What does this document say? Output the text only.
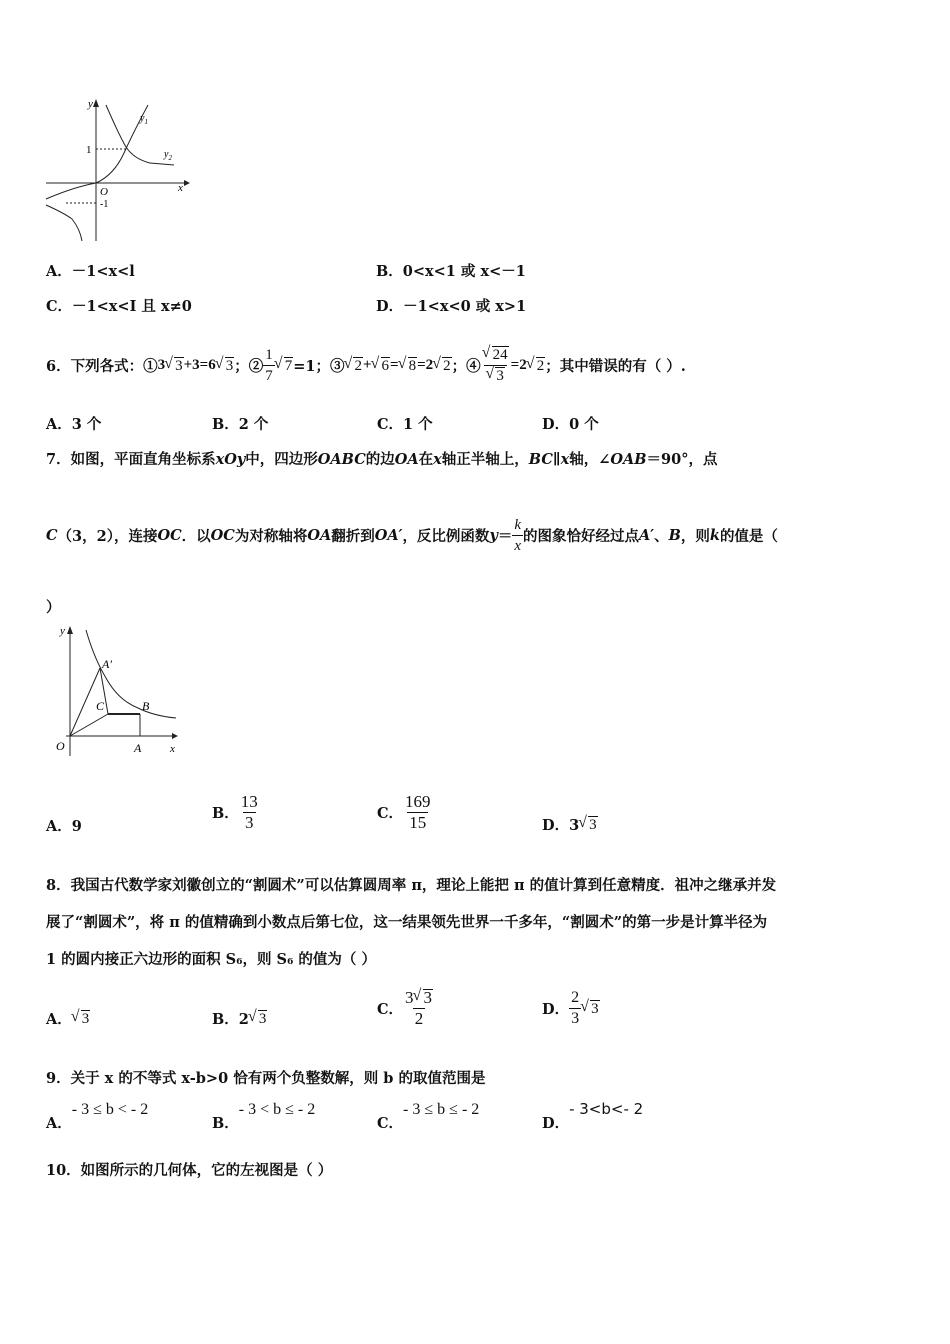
y
x
$y_1$
$y_2$
1
-1
O
A．－1<x<l	B．0<x<1 或 x<－1
C．－1<x<I 且 x≠0	D．－1<x<0 或 x>1
6．下列各式：① 3 √ 3 +3=6 √ 3 ；② $\frac{1}{7}$ √ 7 =1；③ √ 2 + √ 6 = √ 8 =2 √ 2 ；④ √ 24
√ 3 =2 √ 2 ；其中错误的有（ ）.
A．3 个	B．2 个	C．1 个	D．0 个
7．如图，平面直角坐标系xOy中，四边形OABC的边OA在x轴正半轴上，BC∥x轴，∠OAB＝90°，点
C （3，2），连接 OC ．以 OC 为对称轴将 OA 翻折到 OA′ ，反比例函数 $y = \frac{k}{x}$ 的图象恰好经过点 A′ 、 B ，则 k 的值是（
）
y
x
O	A
A′
B
C
A．9
B． $\frac{13}{3}$	C． $\frac{169}{15}$	D．3 √ 3
8．我国古代数学家刘徽创立的“割圆术”可以估算圆周率 π，理论上能把 π 的值计算到任意精度．祖冲之继承并发
展了“割圆术”，将 π 的值精确到小数点后第七位，这一结果领先世界一千多年，“割圆术”的第一步是计算半径为
1 的圆内接正六边形的面积 S₆，则 S₆ 的值为（ ）
A． √ 3	B．2 √ 3
C． $\frac{3 √ 3}{2}$	D． $\frac{2}{3}$ √ 3
9．关于 x 的不等式 x-b>0 恰有两个负整数解，则 b 的取值范围是
A．- 3 ≤ b < - 2
B．- 3 < b ≤ - 2
C．- 3 ≤ b ≤ - 2
D．- 3<b<- 2
10．如图所示的几何体，它的左视图是（ ）
